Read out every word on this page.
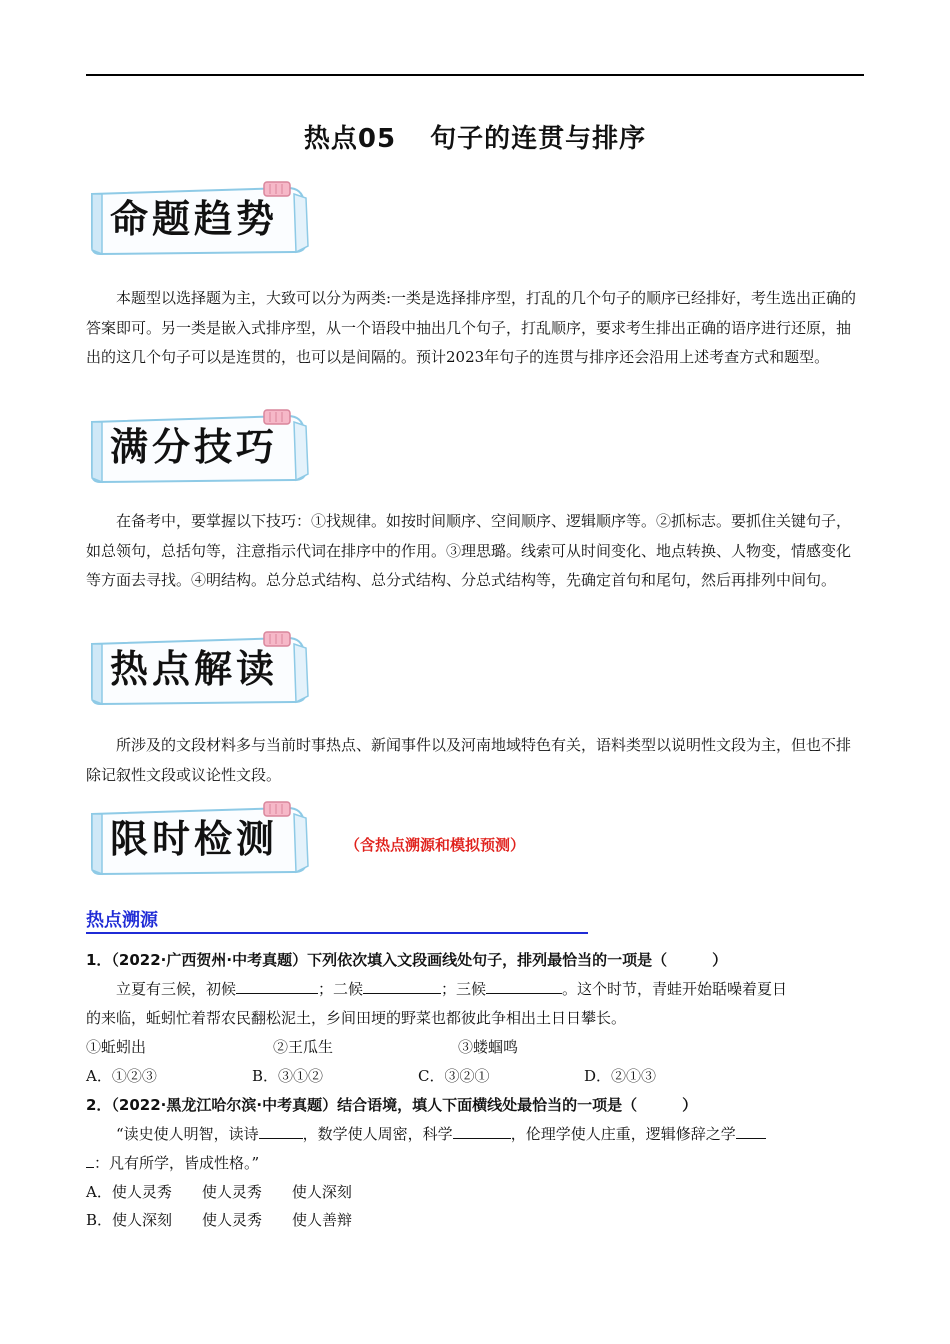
热点05 句子的连贯与排序
命题趋势

本题型以选择题为主，大致可以分为两类:一类是选择排序型，打乱的几个句子的顺序已经排好，考生选出正确的答案即可。另一类是嵌入式排序型，从一个语段中抽出几个句子，打乱顺序，要求考生排出正确的语序进行还原，抽出的这几个句子可以是连贯的，也可以是间隔的。预计2023年句子的连贯与排序还会沿用上述考查方式和题型。

满分技巧

在备考中，要掌握以下技巧：①找规律。如按时间顺序、空间顺序、逻辑顺序等。②抓标志。要抓住关键句子，如总领句，总括句等，注意指示代词在排序中的作用。③理思璐。线索可从时间变化、地点转换、人物变，情感变化等方面去寻找。④明结构。总分总式结构、总分式结构、分总式结构等，先确定首句和尾句，然后再排列中间句。

热点解读

所涉及的文段材料多与当前时事热点、新闻事件以及河南地域特色有关，语料类型以说明性文段为主，但也不排除记叙性文段或议论性文段。

限时检测	（含热点溯源和模拟预测）
热点溯源
1．（2022·广西贺州·中考真题）下列依次填入文段画线处句子，排列最恰当的一项是（　　　）
立夏有三候，初候	；二候	；三候	。这个时节，青蛙开始聒噪着夏日
的来临，蚯蚓忙着帮农民翻松泥土，乡间田埂的野菜也都彼此争相出土日日攀长。
①蚯蚓出	②王瓜生	③蝼蝈鸣
A．①②③	B．③①②	C．③②①	D．②①③
2．（2022·黑龙江哈尔滨·中考真题）结合语境，填人下面横线处最恰当的一项是（　　　）
“读史使人明智，读诗	，数学使人周密，科学	，伦理学使人庄重，逻辑修辞之学
：凡有所学，皆成性格。”
A．使人灵秀 使人灵秀 使人深刻
B．使人深刻 使人灵秀 使人善辩
